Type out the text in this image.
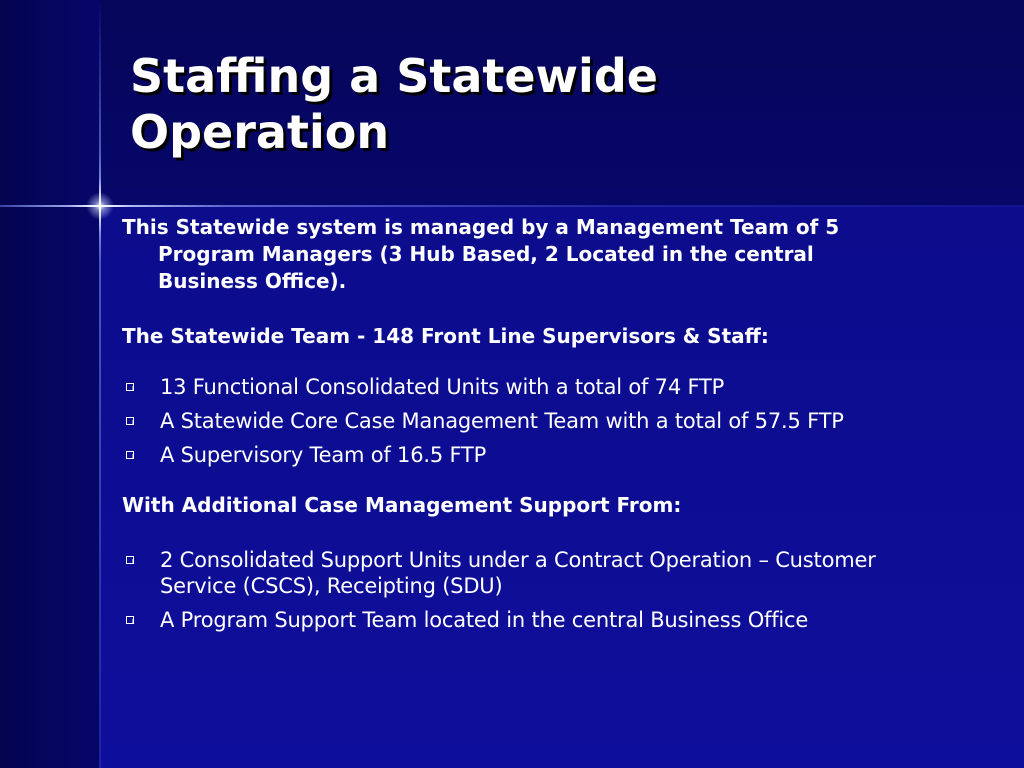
Staffing a Statewide
Operation

This Statewide system is managed by a Management Team of 5 Program Managers (3 Hub Based, 2 Located in the central Business Office).

The Statewide Team - 148 Front Line Supervisors & Staff:

13 Functional Consolidated Units with a total of 74 FTP
A Statewide Core Case Management Team with a total of 57.5 FTP
A Supervisory Team of 16.5 FTP

With Additional Case Management Support From:

2 Consolidated Support Units under a Contract Operation – Customer Service (CSCS), Receipting (SDU)
A Program Support Team located in the central Business Office
